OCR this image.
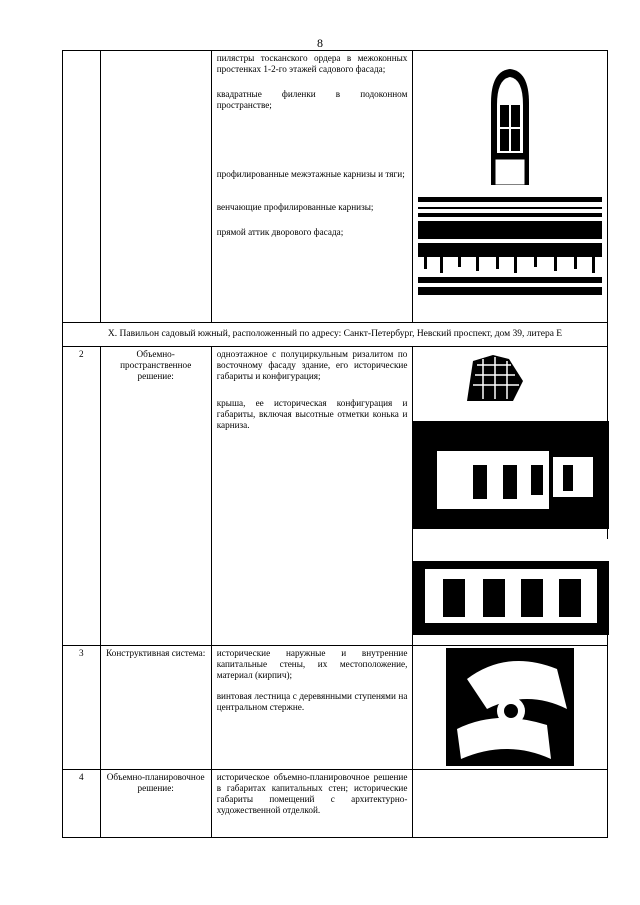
8

		пилястры тосканского ордера в межоконных простенках 1-2-го этажей садового фасада;

квадратные филенки в подоконном пространстве;

профилированные межэтажные карнизы и тяги;

венчающие профилированные карнизы;

прямой аттик дворового фасада;

X. Павильон садовый южный, расположенный по адресу: Санкт-Петербург, Невский проспект, дом 39, литера Е			
2	Объемно-пространственное решение:	одноэтажное с полуциркульным ризалитом по восточному фасаду здание, его исторические габариты и конфигурация;

крыша, ее историческая конфигурация и габариты, включая высотные отметки конька и карниза.

3	Конструктивная система:	исторические наружные и внутренние капитальные стены, их местоположение, материал (кирпич);

винтовая лестница с деревянными ступенями на центральном стержне.

4	Объемно-планировочное решение:	историческое объемно-планировочное решение в габаритах капитальных стен; исторические габариты помещений с архитектурно-художественной отделкой.	
